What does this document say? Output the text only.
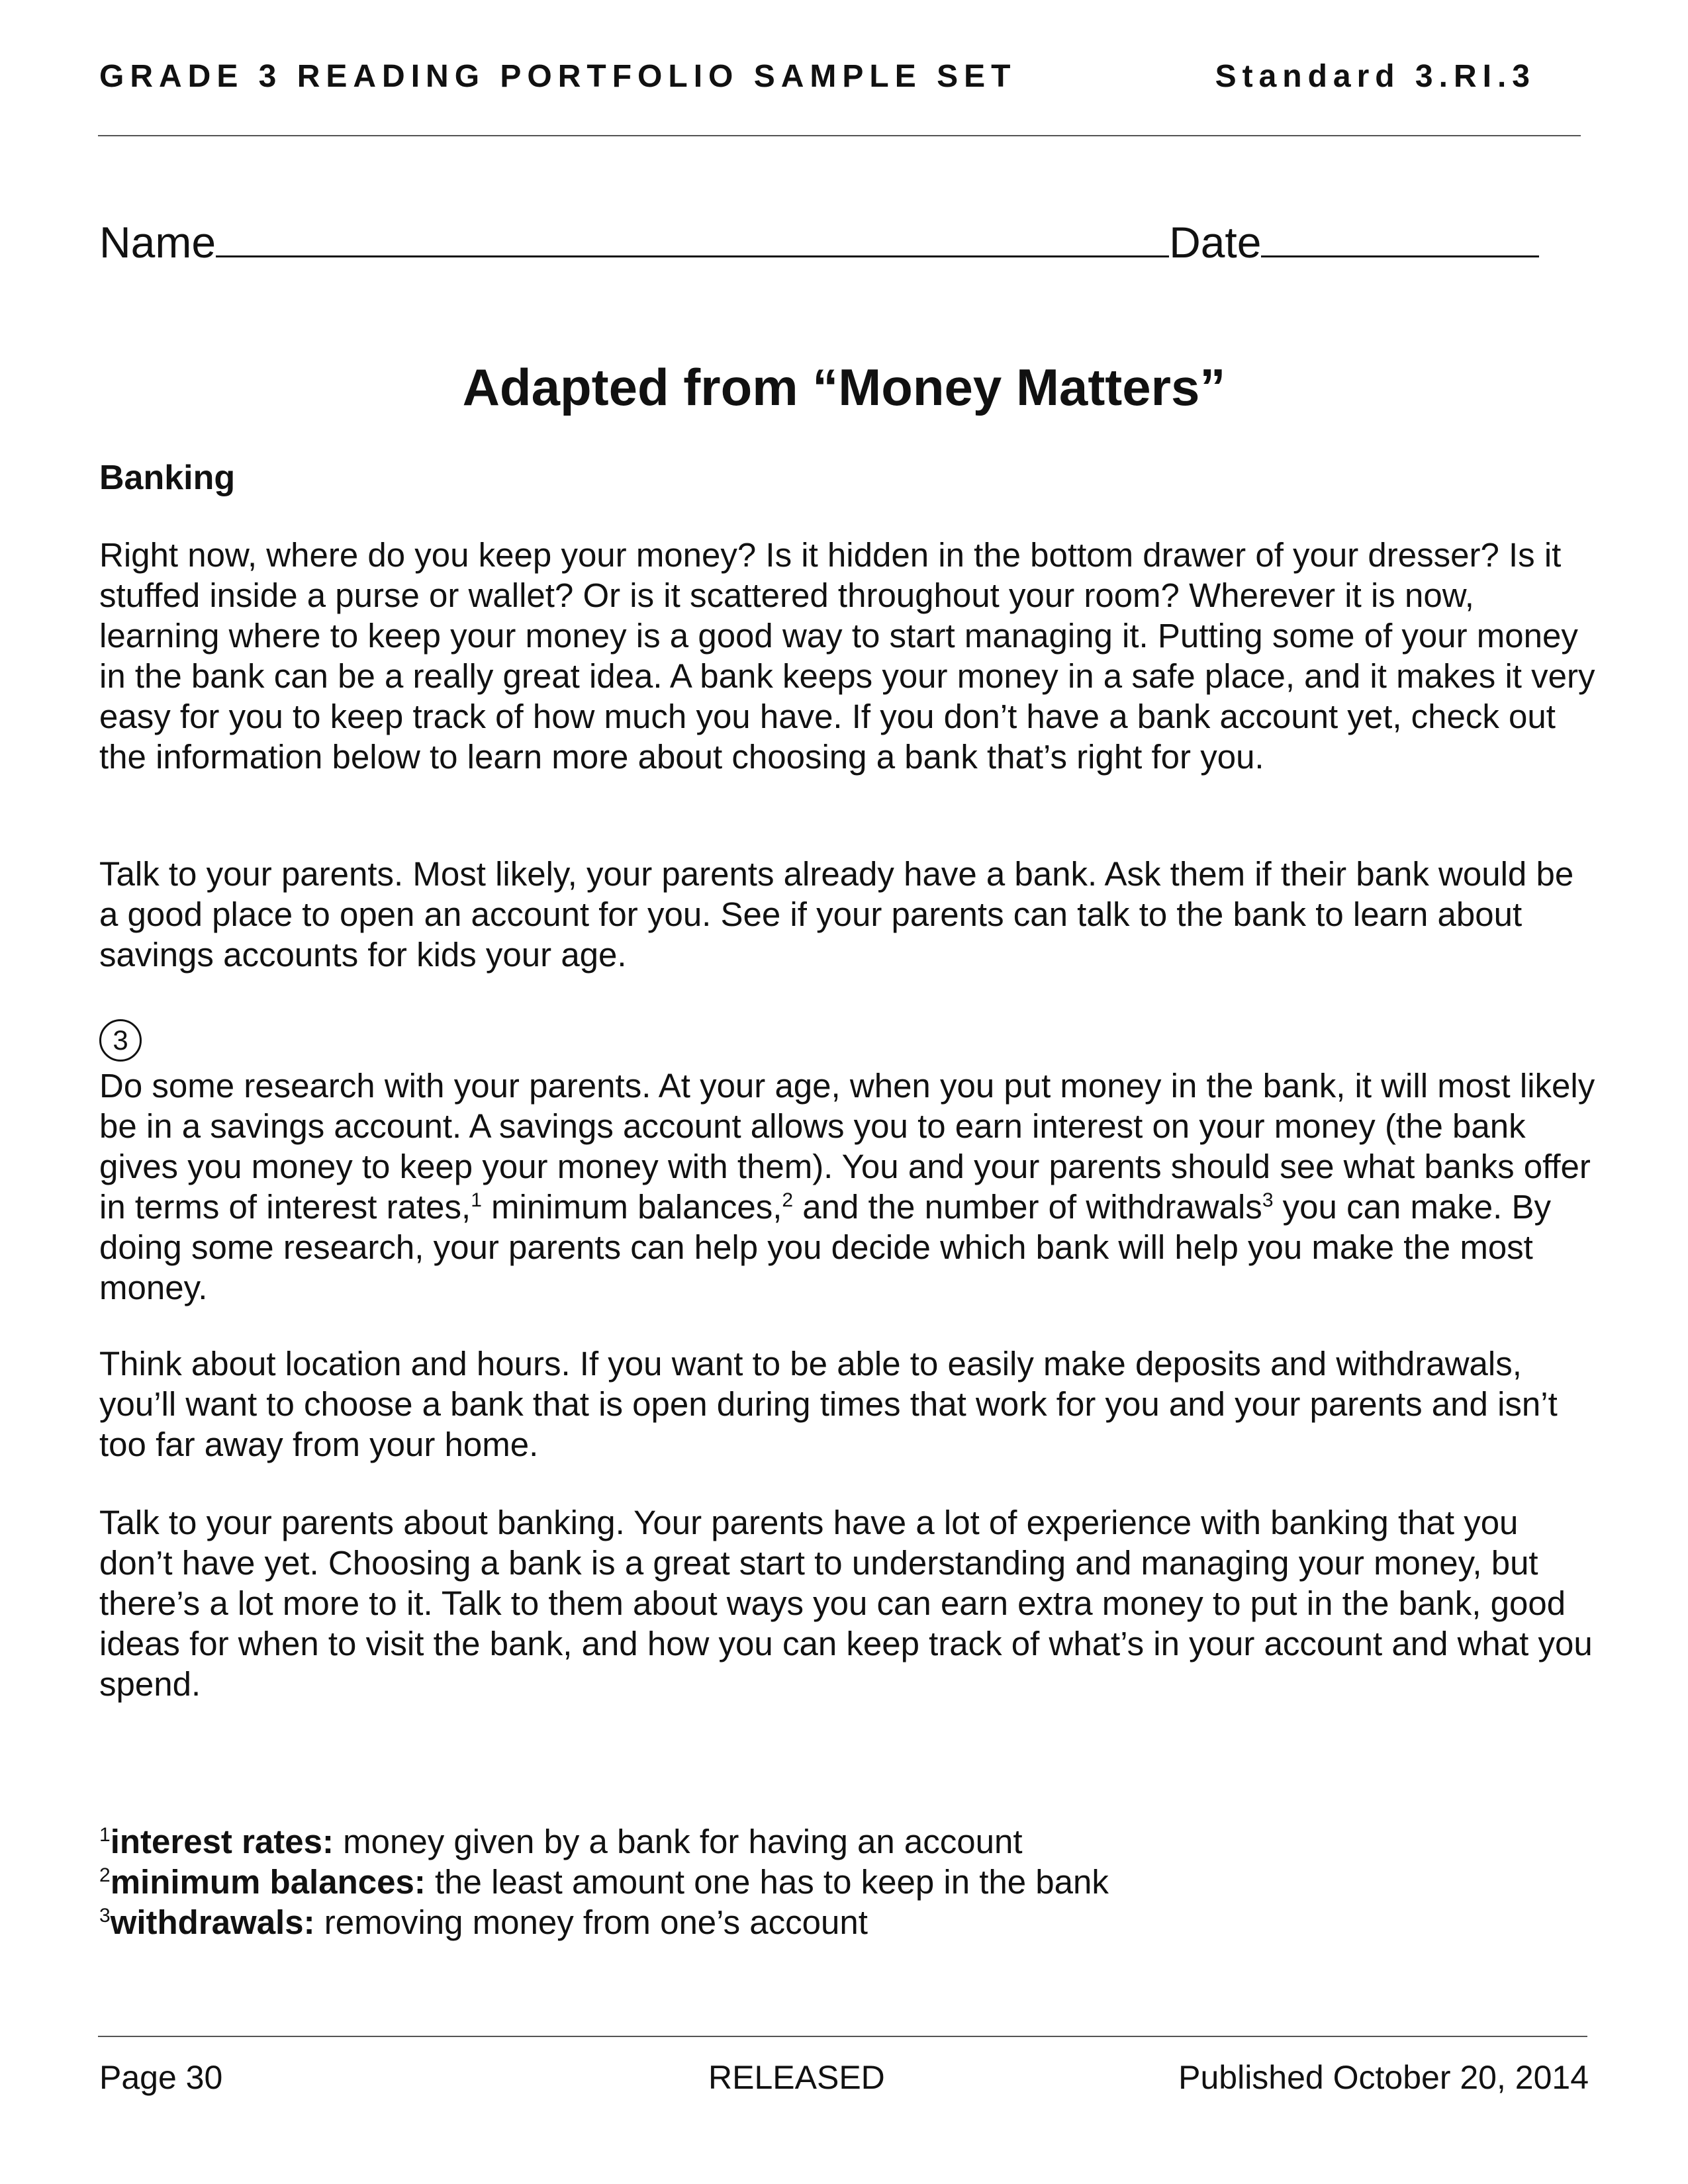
GRADE 3 READING PORTFOLIO SAMPLE SET	Standard 3.RI.3
Name	Date
Adapted from “Money Matters”
Banking

Right now, where do you keep your money? Is it hidden in the bottom drawer of your dresser? Is it stuffed inside a purse or wallet? Or is it scattered throughout your room? Wherever it is now, learning where to keep your money is a good way to start managing it. Putting some of your money in the bank can be a really great idea. A bank keeps your money in a safe place, and it makes it very easy for you to keep track of how much you have. If you don’t have a bank account yet, check out the information below to learn more about choosing a bank that’s right for you.

Talk to your parents. Most likely, your parents already have a bank. Ask them if their bank would be a good place to open an account for you. See if your parents can talk to the bank to learn about savings accounts for kids your age.

3

Do some research with your parents. At your age, when you put money in the bank, it will most likely be in a savings account. A savings account allows you to earn interest on your money (the bank gives you money to keep your money with them). You and your parents should see what banks offer in terms of interest rates,$^1$ minimum balances,$^2$ and the number of withdrawals$^3$ you can make. By doing some research, your parents can help you decide which bank will help you make the most money.

Think about location and hours. If you want to be able to easily make deposits and withdrawals, you’ll want to choose a bank that is open during times that work for you and your parents and isn’t too far away from your home.

Talk to your parents about banking. Your parents have a lot of experience with banking that you don’t have yet. Choosing a bank is a great start to understanding and managing your money, but there’s a lot more to it. Talk to them about ways you can earn extra money to put in the bank, good ideas for when to visit the bank, and how you can keep track of what’s in your account and what you spend.

$^1$interest rates: money given by a bank for having an account
$^2$minimum balances: the least amount one has to keep in the bank
$^3$withdrawals: removing money from one’s account
Page 30	RELEASED	Published October 20, 2014
